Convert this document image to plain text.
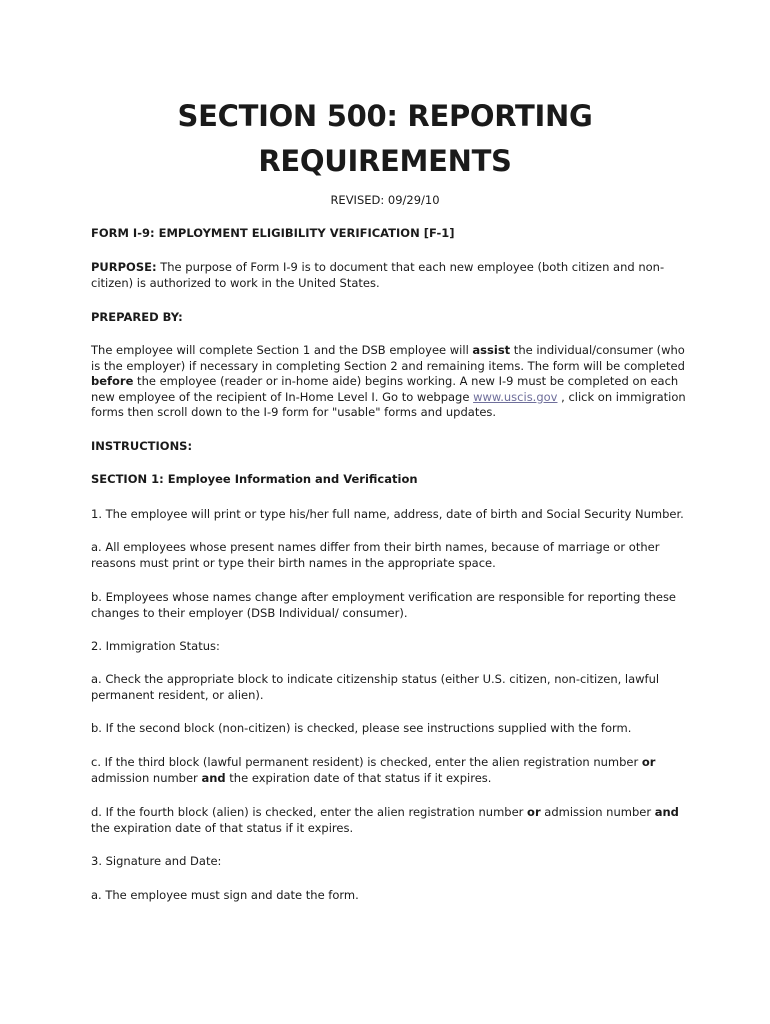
SECTION 500: REPORTING
REQUIREMENTS

REVISED: 09/29/10

FORM I-9: EMPLOYMENT ELIGIBILITY VERIFICATION [F-1]

PURPOSE: The purpose of Form I-9 is to document that each new employee (both citizen and non-citizen) is authorized to work in the United States.

PREPARED BY:

The employee will complete Section 1 and the DSB employee will assist the individual/consumer (who is the employer) if necessary in completing Section 2 and remaining items. The form will be completed before the employee (reader or in-home aide) begins working. A new I-9 must be completed on each new employee of the recipient of In-Home Level I. Go to webpage www.uscis.gov , click on immigration forms then scroll down to the I-9 form for "usable" forms and updates.

INSTRUCTIONS:

SECTION 1: Employee Information and Verification

1. The employee will print or type his/her full name, address, date of birth and Social Security Number.

a. All employees whose present names differ from their birth names, because of marriage or other reasons must print or type their birth names in the appropriate space.

b. Employees whose names change after employment verification are responsible for reporting these changes to their employer (DSB Individual/ consumer).

2. Immigration Status:

a. Check the appropriate block to indicate citizenship status (either U.S. citizen, non-citizen, lawful permanent resident, or alien).

b. If the second block (non-citizen) is checked, please see instructions supplied with the form.

c. If the third block (lawful permanent resident) is checked, enter the alien registration number or admission number and the expiration date of that status if it expires.

d. If the fourth block (alien) is checked, enter the alien registration number or admission number and the expiration date of that status if it expires.

3. Signature and Date:

a. The employee must sign and date the form.
